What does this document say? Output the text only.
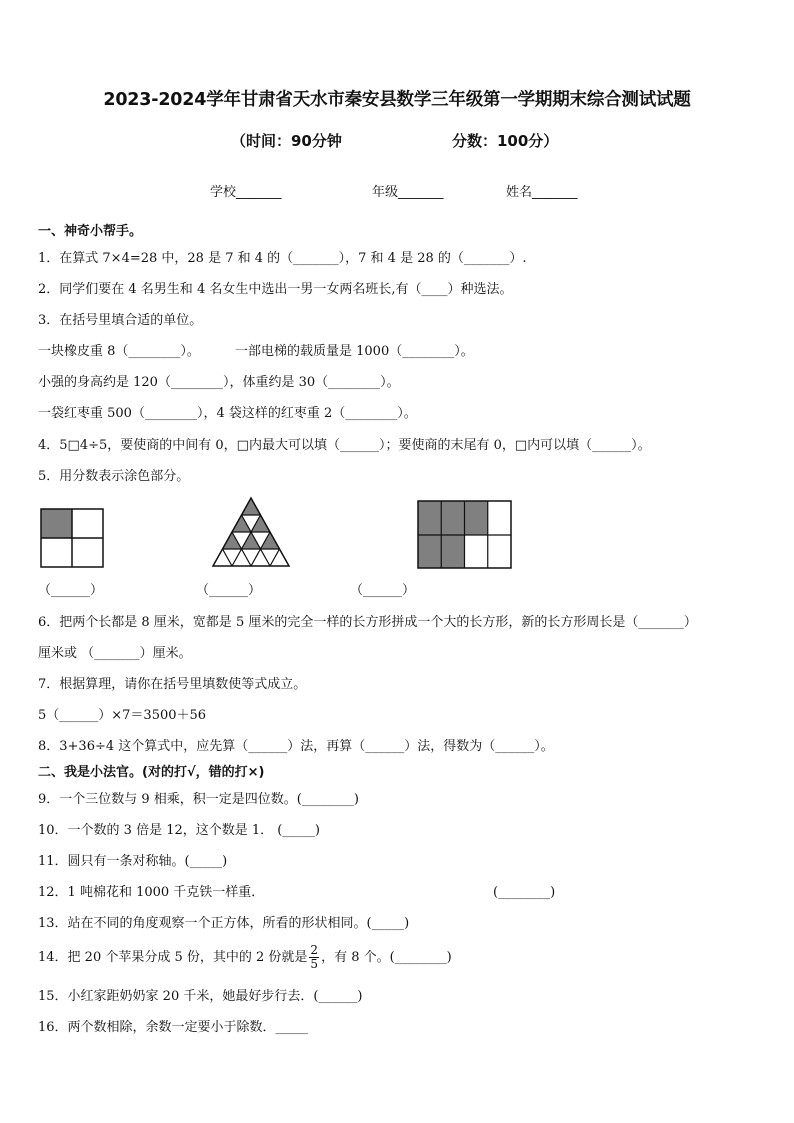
2023-2024学年甘肃省天水市秦安县数学三年级第一学期期末综合测试试题
（时间：90分钟	分数：100分）
学校_______	年级_______	姓名_______
一、神奇小帮手。
1．在算式 7×4=28 中，28 是 7 和 4 的（_______），7 和 4 是 28 的（_______）.
2．同学们要在 4 名男生和 4 名女生中选出一男一女两名班长,有（____）种选法。
3．在括号里填合适的单位。
一块橡皮重 8（________）。	一部电梯的载质量是 1000（________）。
小强的身高约是 120（________），体重约是 30（________）。
一袋红枣重 500（________），4 袋这样的红枣重 2（________）。
4．5□4÷5，要使商的中间有 0，□内最大可以填（______）；要使商的末尾有 0，□内可以填（______）。
5．用分数表示涂色部分。
（______）	（______）	（______）
6．把两个长都是 8 厘米，宽都是 5 厘米的完全一样的长方形拼成一个大的长方形，新的长方形周长是（_______）
厘米或 （_______）厘米。
7．根据算理，请你在括号里填数使等式成立。
5（______）×7＝3500＋56
8．3+36÷4 这个算式中，应先算（______）法，再算（______）法，得数为（______）。
二、我是小法官。(对的打√，错的打×)
9．一个三位数与 9 相乘，积一定是四位数。(________)
10．一个数的 3 倍是 12，这个数是 1． (_____)
11．圆只有一条对称轴。(_____)
12．1 吨棉花和 1000 千克铁一样重．	(________)
13．站在不同的角度观察一个正方体，所看的形状相同。(_____)
14．把 20 个苹果分成 5 份，其中的 2 份就是 $\frac{2}{5}$ ，有 8 个。(________)
15．小红家距奶奶家 20 千米，她最好步行去．(______)
16．两个数相除，余数一定要小于除数．_____
